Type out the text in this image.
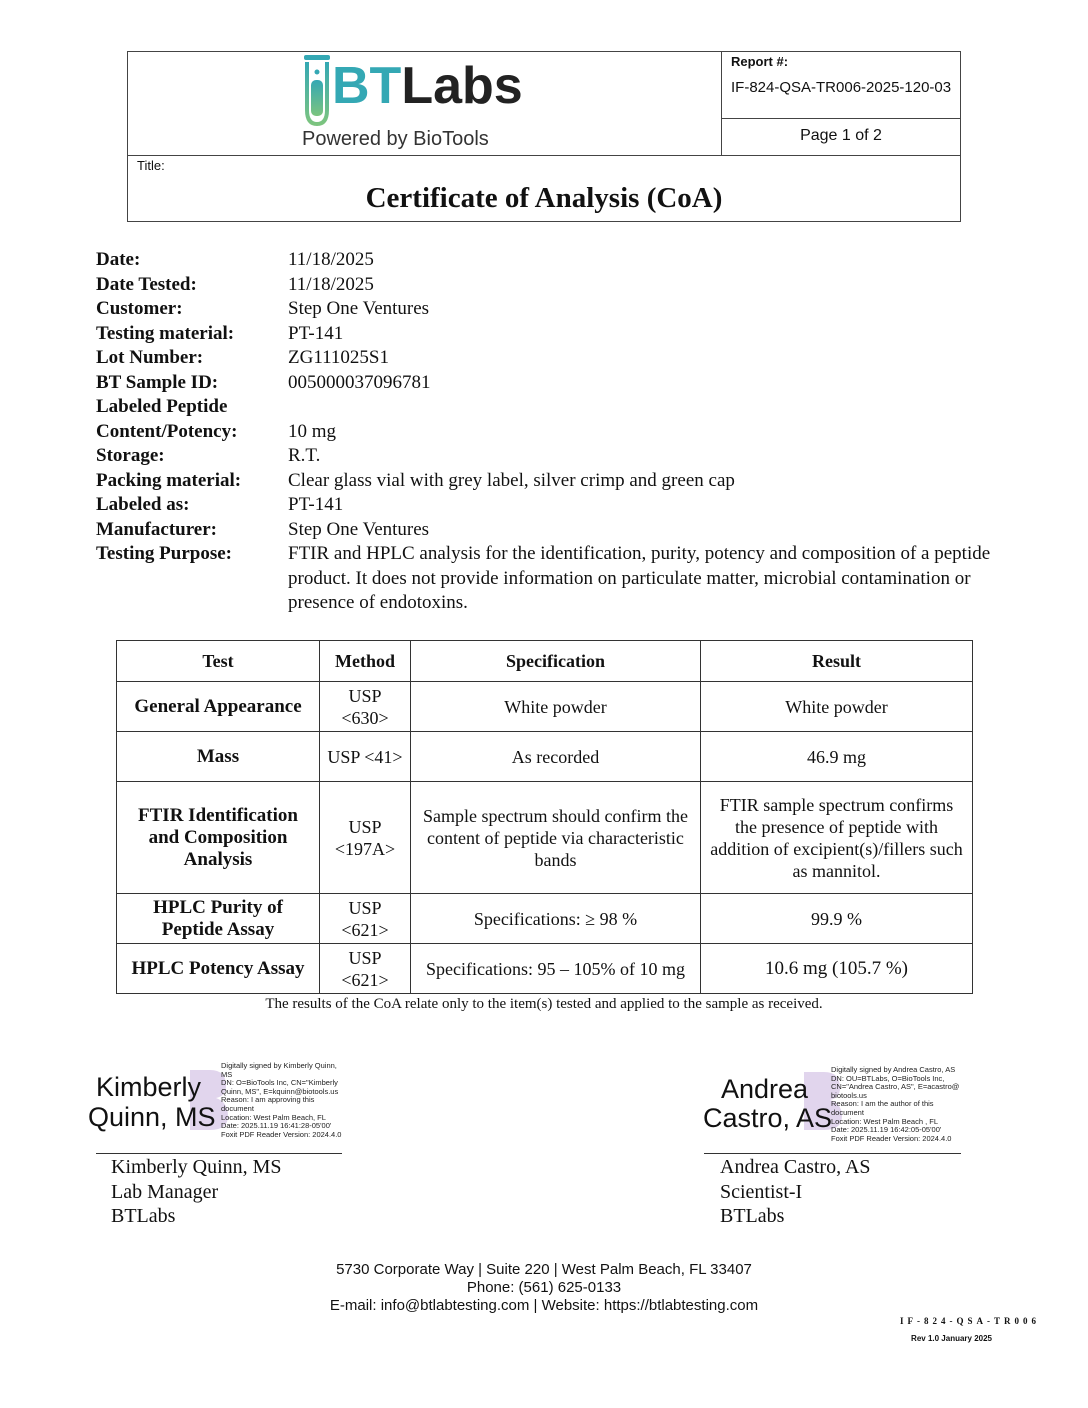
BTLabs
Powered by BioTools
Report #:
IF-824-QSA-TR006-2025-120-03
Page 1 of 2
Title:
Certificate of Analysis (CoA)
Date:	11/18/2025
Date Tested:	11/18/2025
Customer:	Step One Ventures
Testing material:	PT-141
Lot Number:	ZG111025S1
BT Sample ID:	005000037096781
Labeled Peptide
Content/Potency:	10 mg
Storage:	R.T.
Packing material:	Clear glass vial with grey label, silver crimp and green cap
Labeled as:	PT-141
Manufacturer:	Step One Ventures
Testing Purpose:	FTIR and HPLC analysis for the identification, purity, potency and composition of a peptide product. It does not provide information on particulate matter, microbial contamination or presence of endotoxins.
Test	Method	Specification	Result
General Appearance	USP <630>	White powder	White powder
Mass	USP <41>	As recorded	46.9 mg
FTIR Identification and Composition Analysis	USP <197A>	Sample spectrum should confirm the content of peptide via characteristic bands	FTIR sample spectrum confirms the presence of peptide with addition of excipient(s)/fillers such as mannitol.
HPLC Purity of Peptide Assay	USP <621>	Specifications: ≥ 98 %	99.9 %
HPLC Potency Assay	USP <621>	Specifications: 95 – 105% of 10 mg	10.6 mg (105.7 %)
The results of the CoA relate only to the item(s) tested and applied to the sample as received.
Kimberly
Quinn, MS
Digitally signed by Kimberly Quinn,
MS
DN: O=BioTools Inc, CN="Kimberly
Quinn, MS", E=kquinn@biotools.us
Reason: I am approving this
document
Location: West Palm Beach, FL
Date: 2025.11.19 16:41:28-05'00'
Foxit PDF Reader Version: 2024.4.0
Kimberly Quinn, MS
Lab Manager
BTLabs
Andrea
Castro, AS
Digitally signed by Andrea Castro, AS
DN: OU=BTLabs, O=BioTools Inc,
CN="Andrea Castro, AS", E=acastro@
biotools.us
Reason: I am the author of this
document
Location: West Palm Beach , FL
Date: 2025.11.19 16:42:05-05'00'
Foxit PDF Reader Version: 2024.4.0
Andrea Castro, AS
Scientist-I
BTLabs
5730 Corporate Way | Suite 220 | West Palm Beach, FL 33407
Phone: (561) 625-0133
E-mail: info@btlabtesting.com | Website: https://btlabtesting.com
IF-824-QSA-TR006
Rev 1.0 January 2025
